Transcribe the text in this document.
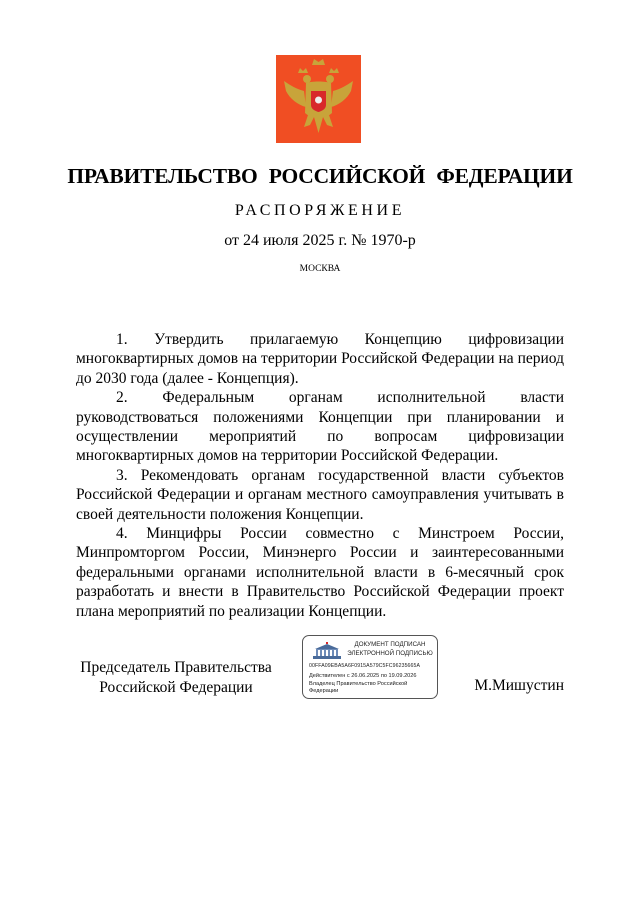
ПРАВИТЕЛЬСТВО РОССИЙСКОЙ ФЕДЕРАЦИИ
РАСПОРЯЖЕНИЕ
от 24 июля 2025 г. № 1970-р
МОСКВА

1. Утвердить прилагаемую Концепцию цифровизации многоквартирных домов на территории Российской Федерации на период до 2030 года (далее - Концепция).

2. Федеральным органам исполнительной власти руководствоваться положениями Концепции при планировании и осуществлении мероприятий по вопросам цифровизации многоквартирных домов на территории Российской Федерации.

3. Рекомендовать органам государственной власти субъектов Российской Федерации и органам местного самоуправления учитывать в своей деятельности положения Концепции.

4. Минцифры России совместно с Минстроем России, Минпромторгом России, Минэнерго России и заинтересованными федеральными органами исполнительной власти в 6-месячный срок разработать и внести в Правительство Российской Федерации проект плана мероприятий по реализации Концепции.

Председатель Правительства
Российской Федерации
ДОКУМЕНТ ПОДПИСАН
ЭЛЕКТРОННОЙ ПОДПИСЬЮ
00FFA09EBA5A6F0915A579C5FC96235665A
Действителен с 26.06.2025 по 19.09.2026
Владелец Правительство Российской Федерации	М.Мишустин
